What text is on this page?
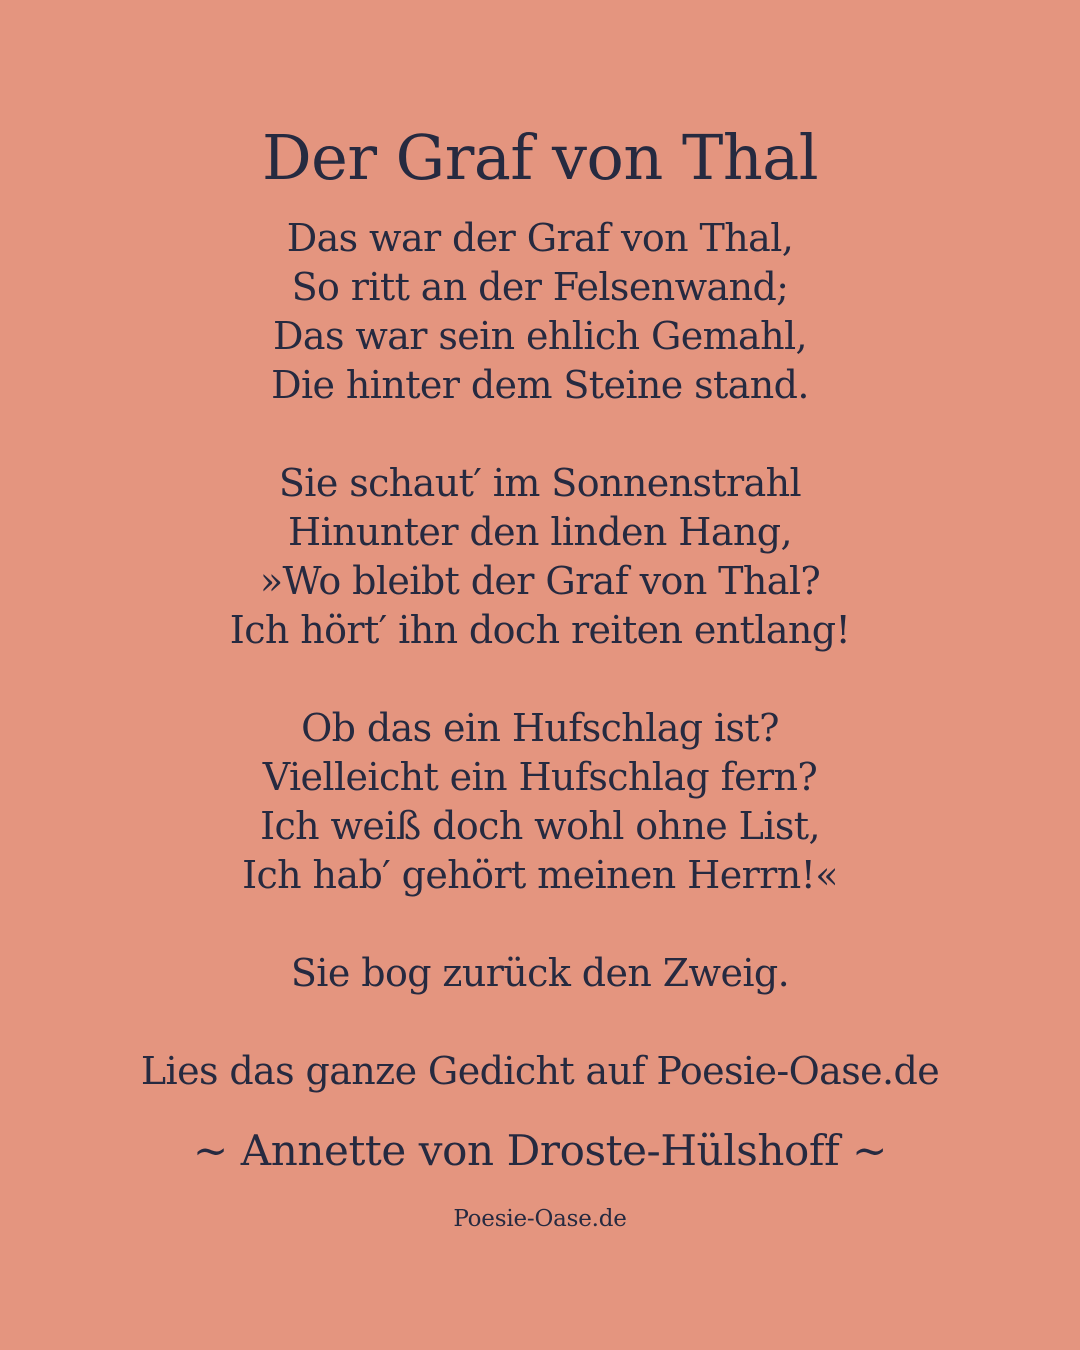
Der Graf von Thal
Das war der Graf von Thal,
So ritt an der Felsenwand;
Das war sein ehlich Gemahl,
Die hinter dem Steine stand.
Sie schaut′ im Sonnenstrahl
Hinunter den linden Hang,
»Wo bleibt der Graf von Thal?
Ich hört′ ihn doch reiten entlang!
Ob das ein Hufschlag ist?
Vielleicht ein Hufschlag fern?
Ich weiß doch wohl ohne List,
Ich hab′ gehört meinen Herrn!«
Sie bog zurück den Zweig.
Lies das ganze Gedicht auf Poesie-Oase.de
~ Annette von Droste-Hülshoff ~
Poesie-Oase.de
